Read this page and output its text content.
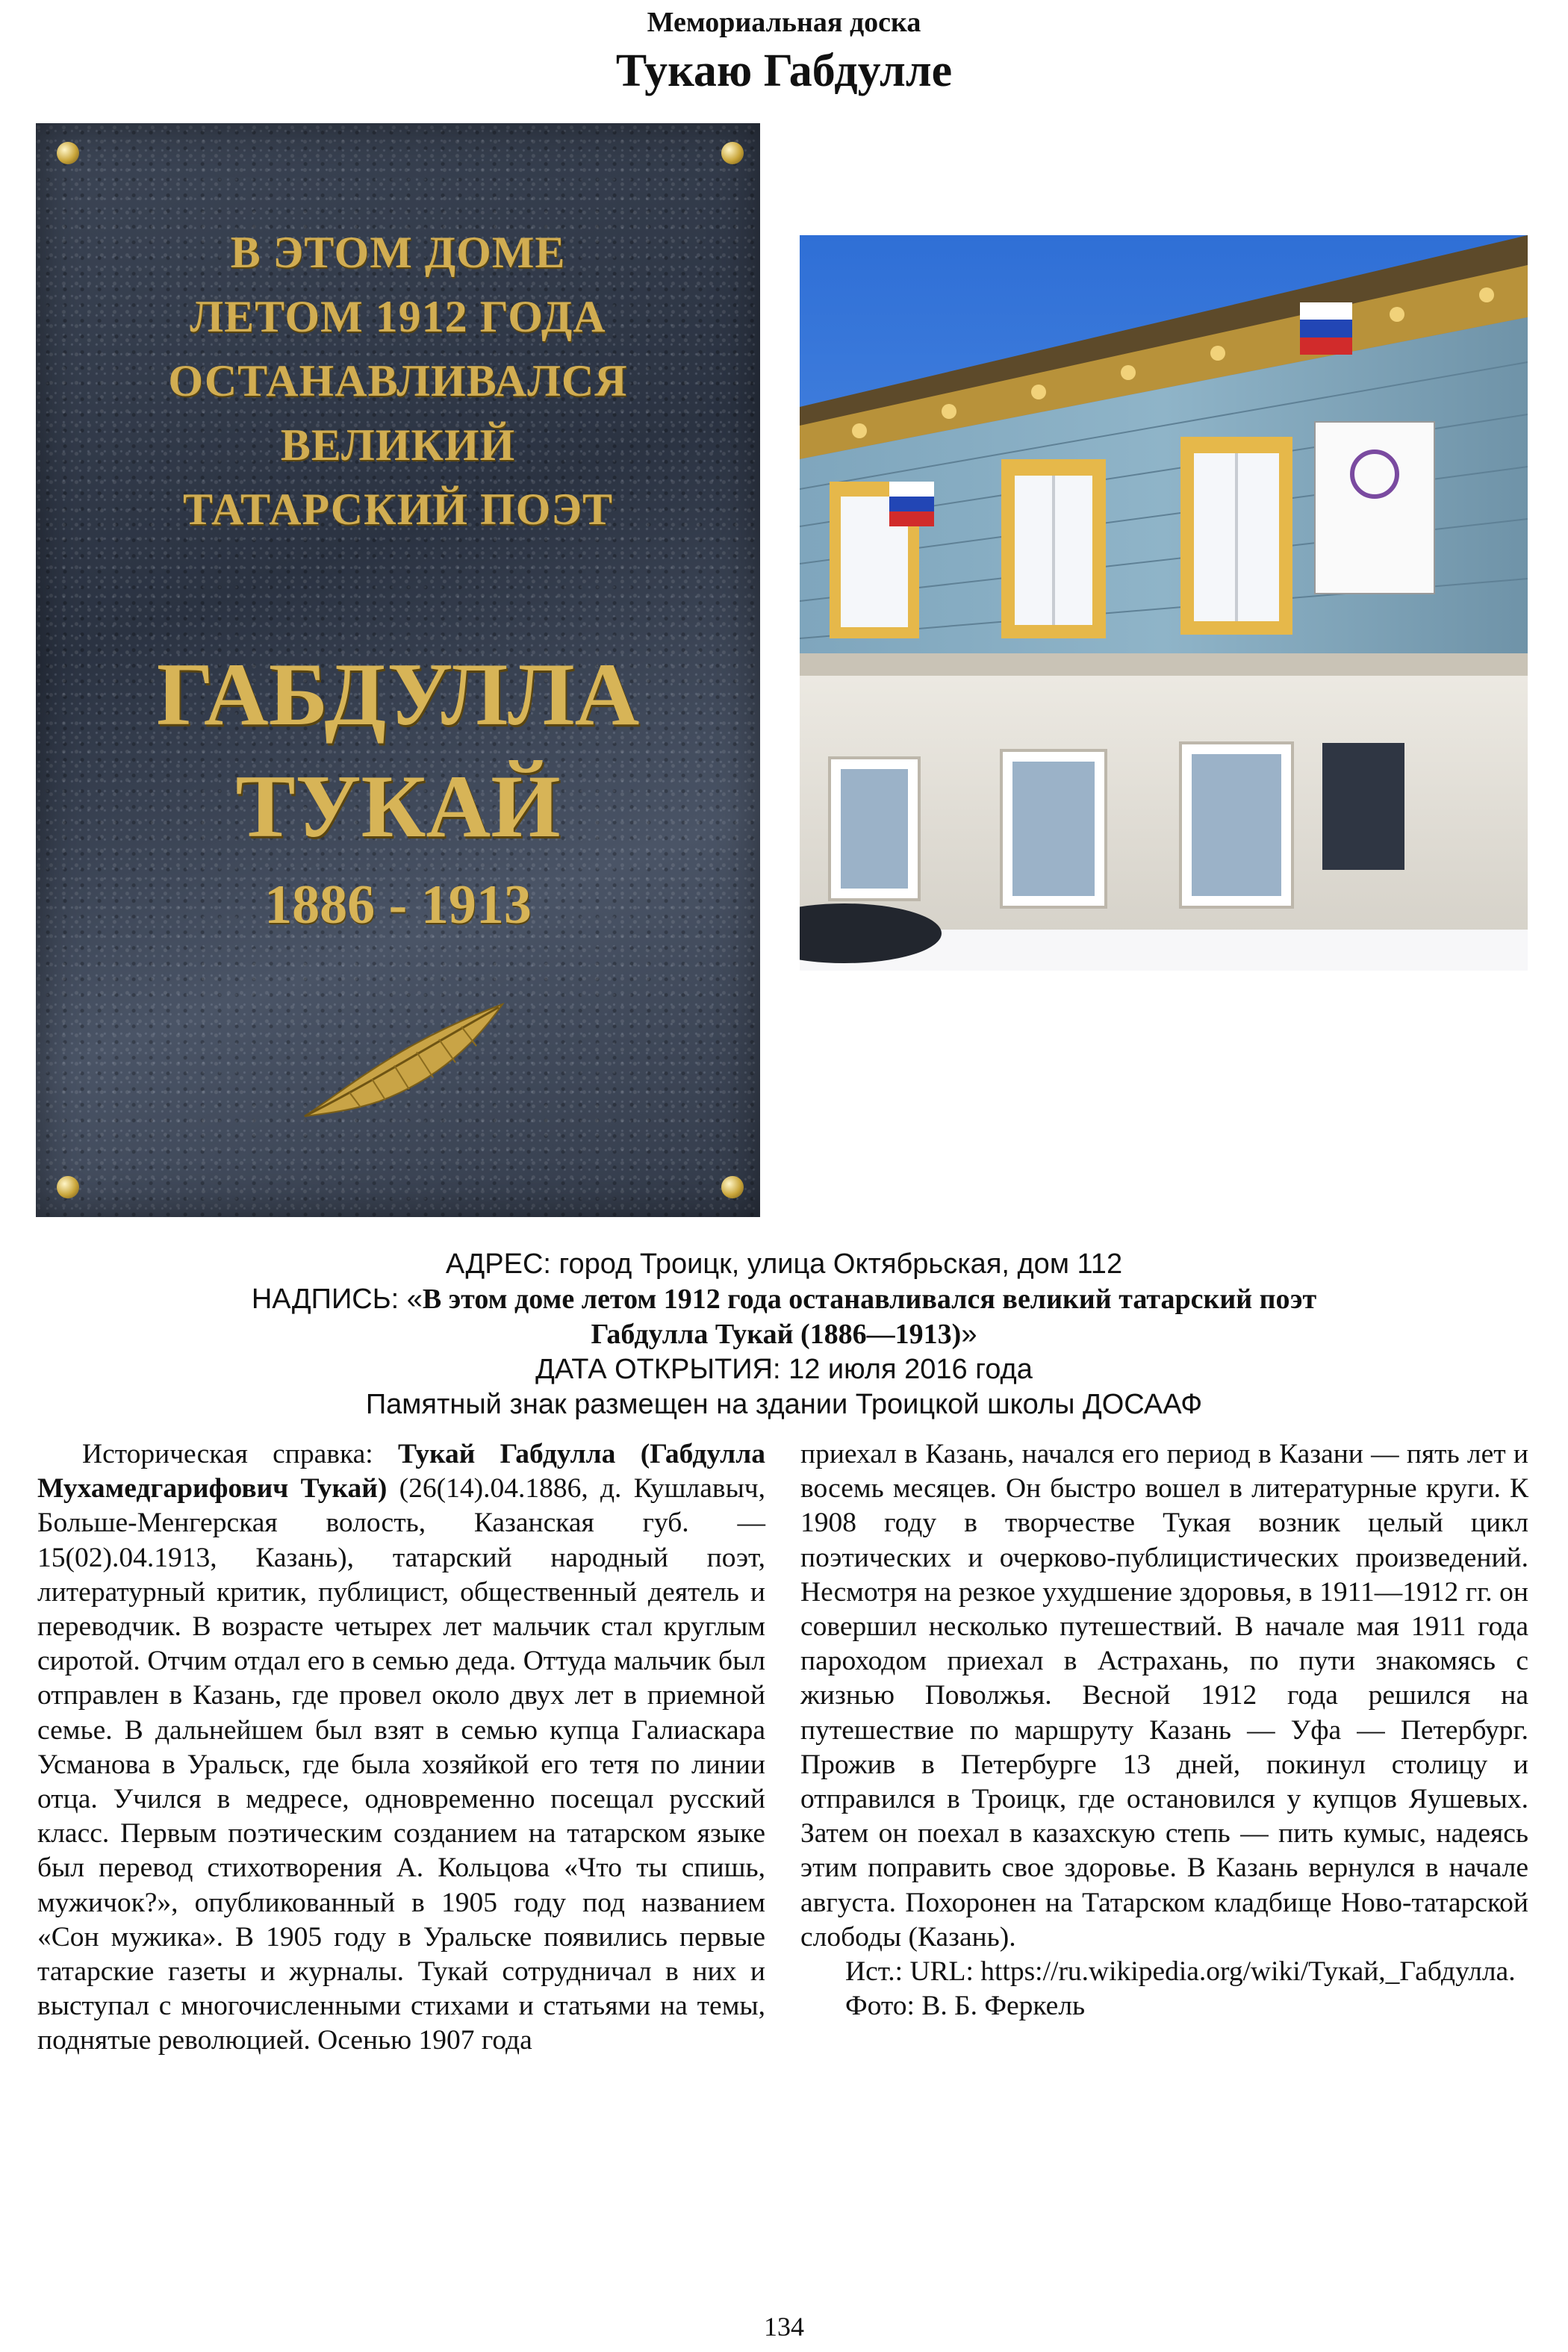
Мемориальная доска
Тукаю Габдулле
В ЭТОМ ДОМЕ
ЛЕТОМ 1912 ГОДА
ОСТАНАВЛИВАЛСЯ
ВЕЛИКИЙ
ТАТАРСКИЙ ПОЭТ
ГАБДУЛЛА
ТУКАЙ
1886 - 1913
АДРЕС: город Троицк, улица Октябрьская, дом 112
НАДПИСЬ: «В этом доме летом 1912 года останавливался великий татарский поэт
Габдулла Тукай (1886—1913)»
ДАТА ОТКРЫТИЯ: 12 июля 2016 года
Памятный знак размещен на здании Троицкой школы ДОСААФ

Историческая справка: Тукай Габдулла (Габдулла Мухамедгарифович Тукай) (26(14).04.1886, д. Кушлавыч, Больше-Менгерская волость, Казанская губ. — 15(02).04.1913, Казань), татарский народный поэт, литературный критик, публицист, общественный деятель и переводчик. В возрасте четырех лет мальчик стал круглым сиротой. Отчим отдал его в семью деда. Оттуда мальчик был отправлен в Казань, где провел около двух лет в приемной семье. В дальнейшем был взят в семью купца Галиаскара Усманова в Уральск, где была хозяйкой его тетя по линии отца. Учился в медресе, одновременно посещал русский класс. Первым поэтическим созданием на татарском языке был перевод стихотворения А. Кольцова «Что ты спишь, мужичок?», опубликованный в 1905 году под названием «Сон мужика». В 1905 году в Уральске появились первые татарские газеты и журналы. Тукай сотрудничал в них и выступал с многочисленными стихами и статьями на темы, поднятые революцией. Осенью 1907 года

приехал в Казань, начался его период в Казани — пять лет и восемь месяцев. Он быстро вошел в литературные круги. К 1908 году в творчестве Тукая возник целый цикл поэтических и очерково-публицистических произведений. Несмотря на резкое ухудшение здоровья, в 1911—1912 гг. он совершил несколько путешествий. В начале мая 1911 года пароходом приехал в Астрахань, по пути знакомясь с жизнью Поволжья. Весной 1912 года решился на путешествие по маршруту Казань — Уфа — Петербург. Прожив в Петербурге 13 дней, покинул столицу и отправился в Троицк, где остановился у купцов Яушевых. Затем он поехал в казахскую степь — пить кумыс, надеясь этим поправить свое здоровье. В Казань вернулся в начале августа. Похоронен на Татарском кладбище Ново-татарской слободы (Казань).

Ист.: URL: https://ru.wikipedia.org/wiki/Тукай,_Габдулла.

Фото: В. Б. Феркель

134
